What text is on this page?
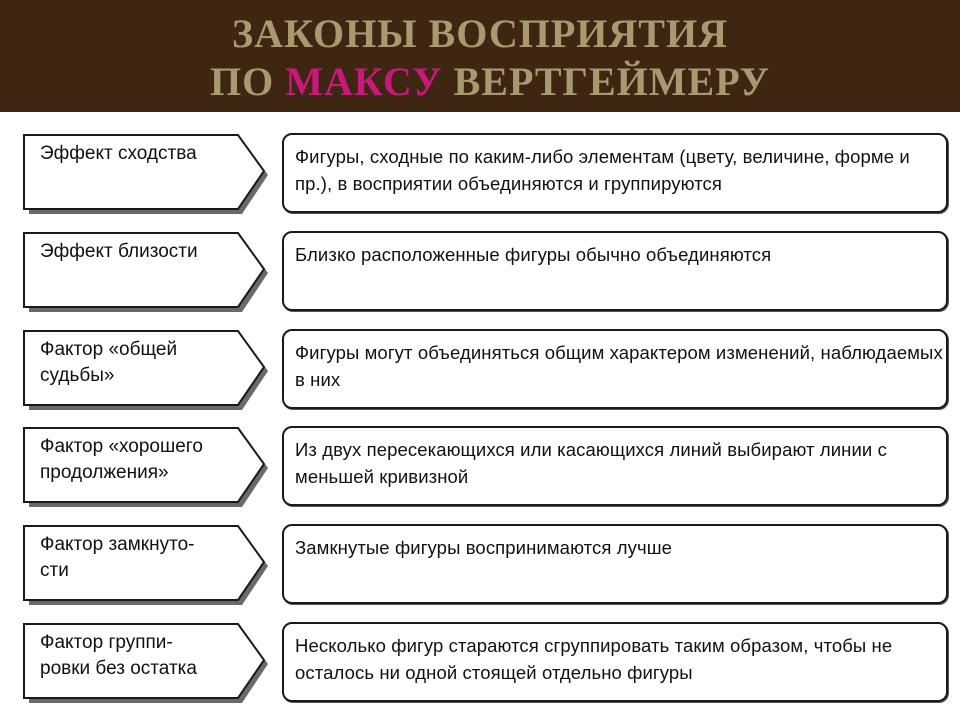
ЗАКОНЫ ВОСПРИЯТИЯ
ПО МАКСУ ВЕРТГЕЙМЕРУ
Эффект сходства	Фигуры, сходные по каким-либо элементам (цвету, величине, форме и пр.), в восприятии объединяются и группируются
Эффект близости	Близко расположенные фигуры обычно объединяются
Фактор «общей
судьбы»
Фигуры могут объединяться общим характером изменений, наблюдаемых в них
Фактор «хорошего
продолжения»
Из двух пересекающихся или касающихся линий выбирают линии с меньшей кривизной
Фактор замкнуто-
сти
Замкнутые фигуры воспринимаются лучше
Фактор группи-
ровки без остатка
Несколько фигур стараются сгруппировать таким образом, чтобы не осталось ни одной стоящей отдельно фигуры
